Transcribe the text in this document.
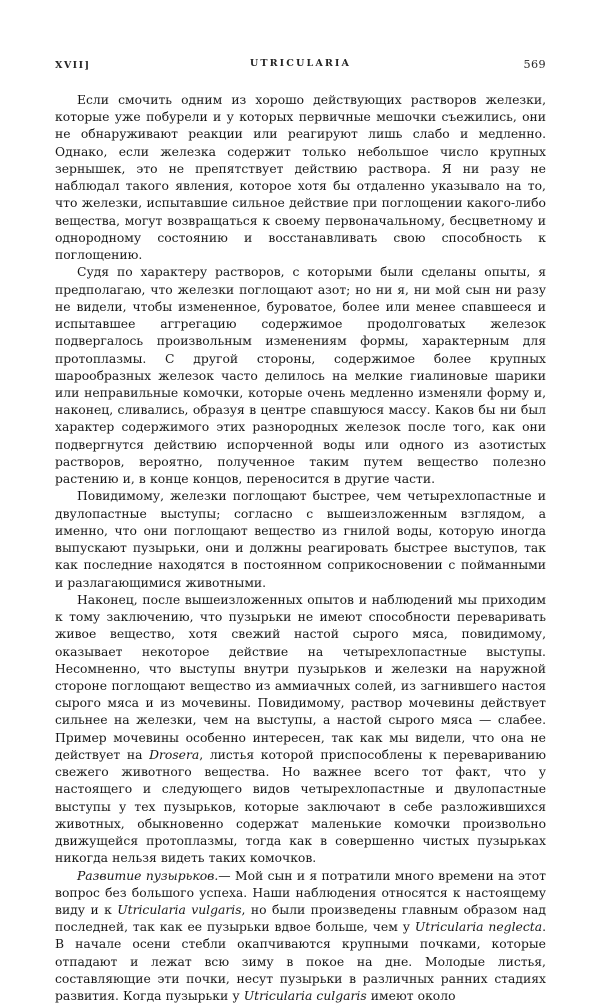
XVII]	UTRICULARIA	569

Если смочить одним из хорошо действующих растворов железки, которые уже побурели и у которых первичные мешочки съежились, они не обнаруживают реакции или реагируют лишь слабо и медленно. Однако, если железка содержит только небольшое число крупных зернышек, это не препятствует действию раствора. Я ни разу не наблюдал такого явления, которое хотя бы отдаленно указывало на то, что железки, испытавшие сильное действие при поглощении какого-либо вещества, могут возвращаться к своему первоначальному, бесцветному и однородному состоянию и восстанавливать свою способность к поглощению.

Судя по характеру растворов, с которыми были сделаны опыты, я предполагаю, что железки поглощают азот; но ни я, ни мой сын ни разу не видели, чтобы измененное, буроватое, более или менее спавшееся и испытавшее аггрегацию содержимое продолговатых железок подвергалось произвольным изменениям формы, характерным для протоплазмы. С другой стороны, содержимое более крупных шарообразных железок часто делилось на мелкие гиалиновые шарики или неправильные комочки, которые очень медленно изменяли форму и, наконец, сливались, образуя в центре спавшуюся массу. Каков бы ни был характер содержимого этих разнородных железок после того, как они подвергнутся действию испорченной воды или одного из азотистых растворов, вероятно, полученное таким путем вещество полезно растению и, в конце концов, переносится в другие части.

Повидимому, железки поглощают быстрее, чем четырехлопастные и двулопастные выступы; согласно с вышеизложенным взглядом, а именно, что они поглощают вещество из гнилой воды, которую иногда выпускают пузырьки, они и должны реагировать быстрее выступов, так как последние находятся в постоянном соприкосновении с пойманными и разлагающимися животными.

Наконец, после вышеизложенных опытов и наблюдений мы приходим к тому заключению, что пузырьки не имеют способности переваривать живое вещество, хотя свежий настой сырого мяса, повидимому, оказывает некоторое действие на четырехлопастные выступы. Несомненно, что выступы внутри пузырьков и железки на наружной стороне поглощают вещество из аммиачных солей, из загнившего настоя сырого мяса и из мочевины. Повидимому, раствор мочевины действует сильнее на железки, чем на выступы, а настой сырого мяса — слабее. Пример мочевины особенно интересен, так как мы видели, что она не действует на Drosera, листья которой приспособлены к перевариванию свежего животного вещества. Но важнее всего тот факт, что у настоящего и следующего видов четырехлопастные и двулопастные выступы у тех пузырьков, которые заключают в себе разложившихся животных, обыкновенно содержат маленькие комочки произвольно движущейся протоплазмы, тогда как в совершенно чистых пузырьках никогда нельзя видеть таких комочков.

Развитие пузырьков.— Мой сын и я потратили много времени на этот вопрос без большого успеха. Наши наблюдения относятся к настоящему виду и к Utricularia vulgaris, но были произведены главным образом над последней, так как ее пузырьки вдвое больше, чем у Utricularia neglecta. В начале осени стебли окапчиваются крупными почками, которые отпадают и лежат всю зиму в покое на дне. Молодые листья, составляющие эти почки, несут пузырьки в различных ранних стадиях развития. Когда пузырьки у Utricularia culgaris имеют около
